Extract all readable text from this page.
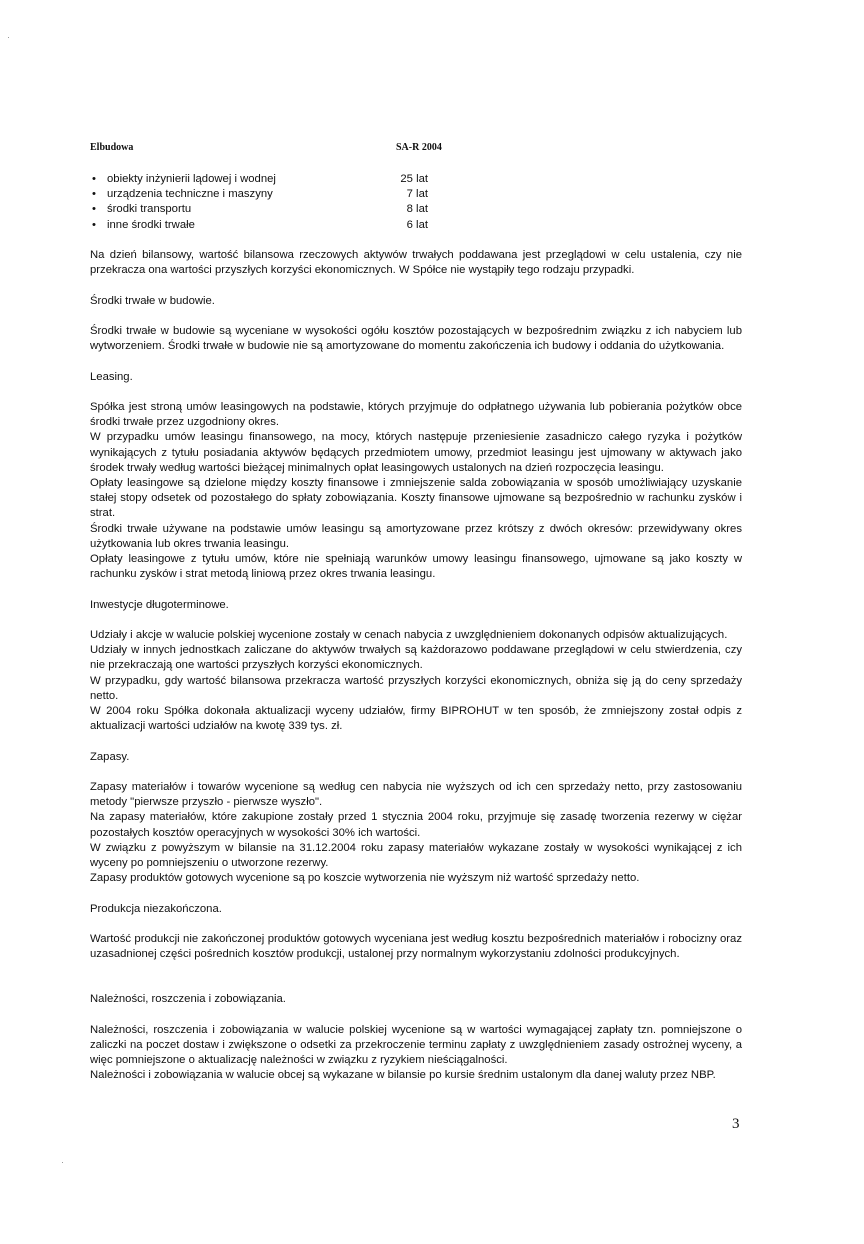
Elbudowa	SA-R 2004
• obiekty inżynierii lądowej i wodnej	25 lat
• urządzenia techniczne i maszyny	7 lat
• środki transportu	8 lat
• inne środki trwałe	6 lat

Na dzień bilansowy, wartość bilansowa rzeczowych aktywów trwałych poddawana jest przeglądowi w celu ustalenia, czy nie przekracza ona wartości przyszłych korzyści ekonomicznych. W Spółce nie wystąpiły tego rodzaju przypadki.

Środki trwałe w budowie.

Środki trwałe w budowie są wyceniane w wysokości ogółu kosztów pozostających w bezpośrednim związku z ich nabyciem lub wytworzeniem. Środki trwałe w budowie nie są amortyzowane do momentu zakończenia ich budowy i oddania do użytkowania.

Leasing.

Spółka jest stroną umów leasingowych na podstawie, których przyjmuje do odpłatnego używania lub pobierania pożytków obce środki trwałe przez uzgodniony okres.

W przypadku umów leasingu finansowego, na mocy, których następuje przeniesienie zasadniczo całego ryzyka i pożytków wynikających z tytułu posiadania aktywów będących przedmiotem umowy, przedmiot leasingu jest ujmowany w aktywach jako środek trwały według wartości bieżącej minimalnych opłat leasingowych ustalonych na dzień rozpoczęcia leasingu.

Opłaty leasingowe są dzielone między koszty finansowe i zmniejszenie salda zobowiązania w sposób umożliwiający uzyskanie stałej stopy odsetek od pozostałego do spłaty zobowiązania. Koszty finansowe ujmowane są bezpośrednio w rachunku zysków i strat.

Środki trwałe używane na podstawie umów leasingu są amortyzowane przez krótszy z dwóch okresów: przewidywany okres użytkowania lub okres trwania leasingu.

Opłaty leasingowe z tytułu umów, które nie spełniają warunków umowy leasingu finansowego, ujmowane są jako koszty w rachunku zysków i strat metodą liniową przez okres trwania leasingu.

Inwestycje długoterminowe.

Udziały i akcje w walucie polskiej wycenione zostały w cenach nabycia z uwzględnieniem dokonanych odpisów aktualizujących.

Udziały w innych jednostkach zaliczane do aktywów trwałych są każdorazowo poddawane przeglądowi w celu stwierdzenia, czy nie przekraczają one wartości przyszłych korzyści ekonomicznych.

W przypadku, gdy wartość bilansowa przekracza wartość przyszłych korzyści ekonomicznych, obniża się ją do ceny sprzedaży netto.

W 2004 roku Spółka dokonała aktualizacji wyceny udziałów, firmy BIPROHUT w ten sposób, że zmniejszony został odpis z aktualizacji wartości udziałów na kwotę 339 tys. zł.

Zapasy.

Zapasy materiałów i towarów wycenione są według cen nabycia nie wyższych od ich cen sprzedaży netto, przy zastosowaniu metody "pierwsze przyszło - pierwsze wyszło".

Na zapasy materiałów, które zakupione zostały przed 1 stycznia 2004 roku, przyjmuje się zasadę tworzenia rezerwy w ciężar pozostałych kosztów operacyjnych w wysokości 30% ich wartości.

W związku z powyższym w bilansie na 31.12.2004 roku zapasy materiałów wykazane zostały w wysokości wynikającej z ich wyceny po pomniejszeniu o utworzone rezerwy.

Zapasy produktów gotowych wycenione są po koszcie wytworzenia nie wyższym niż wartość sprzedaży netto.

Produkcja niezakończona.

Wartość produkcji nie zakończonej produktów gotowych wyceniana jest według kosztu bezpośrednich materiałów i robocizny oraz uzasadnionej części pośrednich kosztów produkcji, ustalonej przy normalnym wykorzystaniu zdolności produkcyjnych.

Należności, roszczenia i zobowiązania.

Należności, roszczenia i zobowiązania w walucie polskiej wycenione są w wartości wymagającej zapłaty tzn. pomniejszone o zaliczki na poczet dostaw i zwiększone o odsetki za przekroczenie terminu zapłaty z uwzględnieniem zasady ostrożnej wyceny, a więc pomniejszone o aktualizację należności w związku z ryzykiem nieściągalności.

Należności i zobowiązania w walucie obcej są wykazane w bilansie po kursie średnim ustalonym dla danej waluty przez NBP.

3
